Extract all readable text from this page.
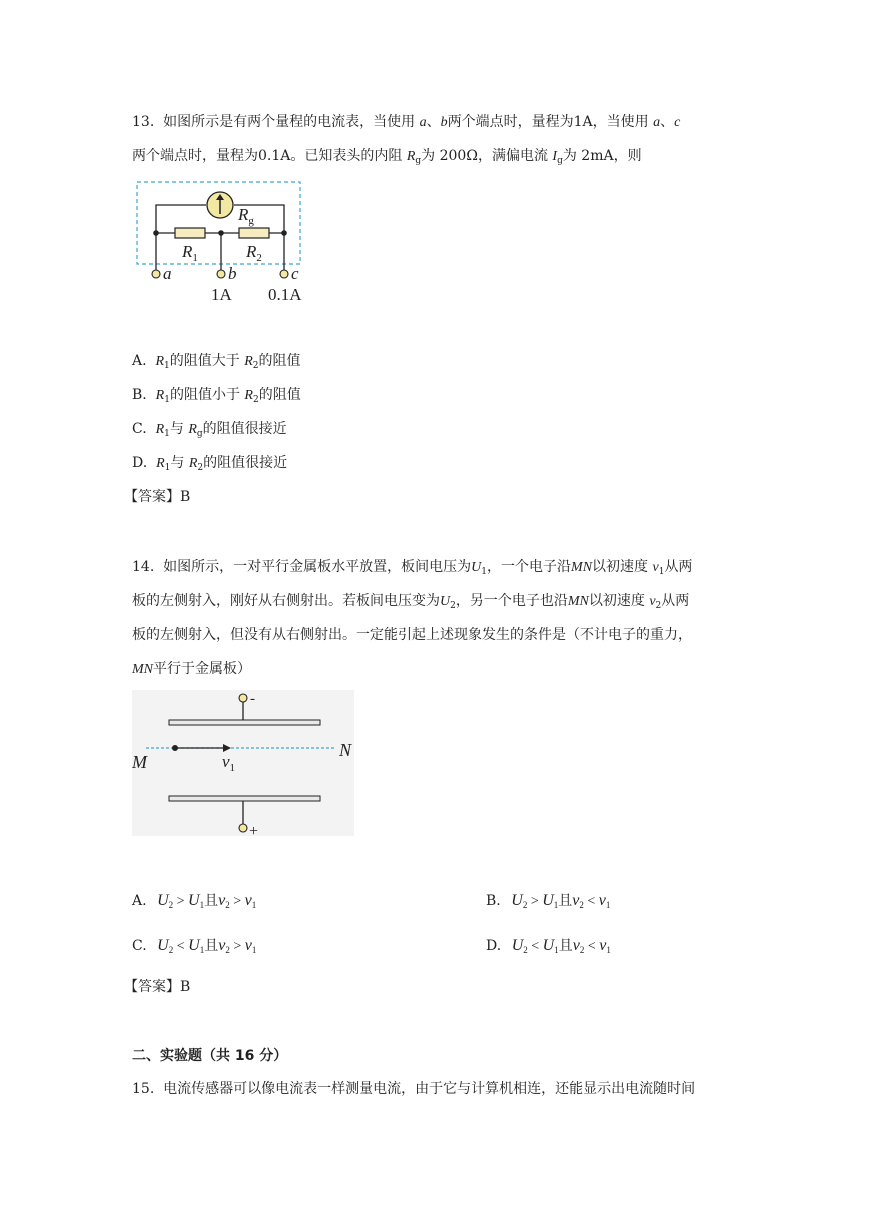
13. 如图所示是有两个量程的电流表，当使用 a、b两个端点时，量程为1A，当使用 a、c
两个端点时，量程为0.1A。已知表头的内阻 $R_g$为 200Ω，满偏电流 $I_g$为 2mA，则
$R_g$
$R_1$	$R_2$
a	b	c
1A 0.1A
A. $R_1$的阻值大于 $R_2$的阻值
B. $R_1$的阻值小于 $R_2$的阻值
C. $R_1$与 $R_g$的阻值很接近
D. $R_1$与 $R_2$的阻值很接近
【答案】B
14. 如图所示，一对平行金属板水平放置，板间电压为$U_1$，一个电子沿MN以初速度 $v_1$从两
板的左侧射入，刚好从右侧射出。若板间电压变为$U_2$，另一个电子也沿MN以初速度 $v_2$从两
板的左侧射入，但没有从右侧射出。一定能引起上述现象发生的条件是（不计电子的重力，
MN平行于金属板）
-
M
N
$v_1$
+
A. $U_2 > U_1$且$v_2 > v_1$	B. $U_2 > U_1$且$v_2 < v_1$
C. $U_2 < U_1$且$v_2 > v_1$	D. $U_2 < U_1$且$v_2 < v_1$
【答案】B
二、实验题（共 16 分）
15. 电流传感器可以像电流表一样测量电流，由于它与计算机相连，还能显示出电流随时间
